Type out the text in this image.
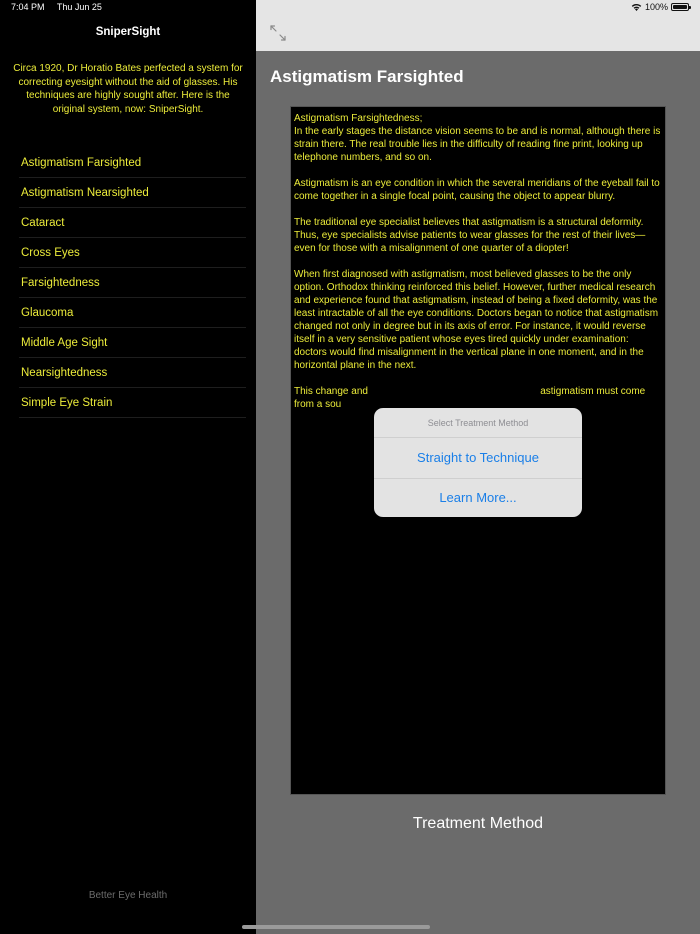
7:04 PM Thu Jun 25
SniperSight
Circa 1920, Dr Horatio Bates perfected a system for correcting eyesight without the aid of glasses. His techniques are highly sought after. Here is the original system, now: SniperSight.
Astigmatism Farsighted
Astigmatism Nearsighted
Cataract
Cross Eyes
Farsightedness
Glaucoma
Middle Age Sight
Nearsightedness
Simple Eye Strain
Better Eye Health
100%
Astigmatism Farsighted

Astigmatism Farsightedness;
In the early stages the distance vision seems to be and is normal, although there is strain there. The real trouble lies in the difficulty of reading fine print, looking up telephone numbers, and so on.

Astigmatism is an eye condition in which the several meridians of the eyeball fail to come together in a single focal point, causing the object to appear blurry.

The traditional eye specialist believes that astigmatism is a structural deformity. Thus, eye specialists advise patients to wear glasses for the rest of their lives—even for those with a misalignment of one quarter of a diopter!

When first diagnosed with astigmatism, most believed glasses to be the only option. Orthodox thinking reinforced this belief. However, further medical research and experience found that astigmatism, instead of being a fixed deformity, was the least intractable of all the eye conditions. Doctors began to notice that astigmatism changed not only in degree but in its axis of error. For instance, it would reverse itself in a very sensitive patient whose eyes tired quickly under examination: doctors would find misalignment in the vertical plane in one moment, and in the horizontal plane in the next.

This change and                                                              astigmatism must come from a sou

Treatment Method
Select Treatment Method
Straight to Technique
Learn More...
